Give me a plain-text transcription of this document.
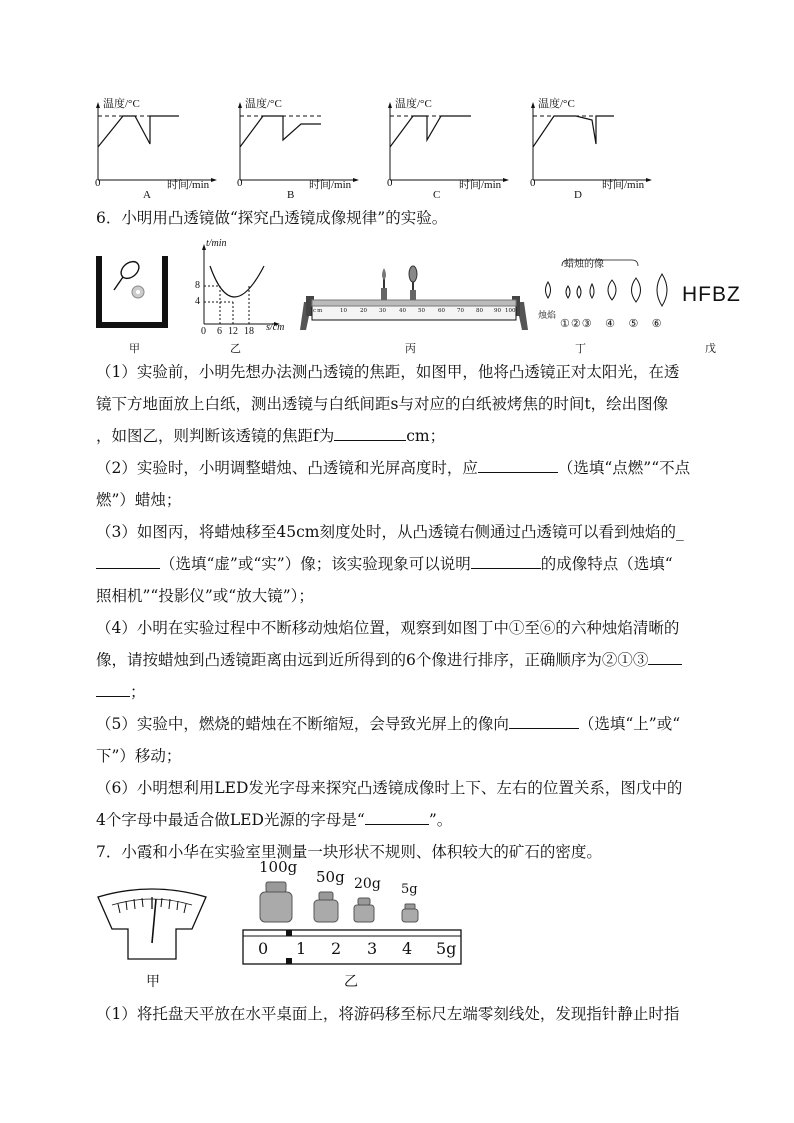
温度/°C
时间/min
0
A
温度/°C
时间/min
0
B
温度/°C
时间/min
0
C
温度/°C
时间/min
0
D
6．小明用凸透镜做“探究凸透镜成像规律”的实验。
甲
t/min
s/cm
8
4
0 6 12 18
乙
cm	10 20 30 40 50 60 70 80 90 100
丙
蜡烛的像
烛焰
①②③ ④ ⑤ ⑥
丁
HFBZ
戊
（1）实验前，小明先想办法测凸透镜的焦距，如图甲，他将凸透镜正对太阳光，在透
镜下方地面放上白纸，测出透镜与白纸间距s与对应的白纸被烤焦的时间t，绘出图像
，如图乙，则判断该透镜的焦距f为	cm；
（2）实验时，小明调整蜡烛、凸透镜和光屏高度时，应	（选填“点燃”“不点
燃”）蜡烛；
（3）如图丙，将蜡烛移至45cm刻度处时，从凸透镜右侧通过凸透镜可以看到烛焰的_
（选填“虚”或“实”）像；该实验现象可以说明	的成像特点（选填“
照相机”“投影仪”或“放大镜”）；
（4）小明在实验过程中不断移动烛焰位置，观察到如图丁中①至⑥的六种烛焰清晰的
像，请按蜡烛到凸透镜距离由远到近所得到的6个像进行排序，正确顺序为②①③
；
（5）实验中，燃烧的蜡烛在不断缩短，会导致光屏上的像向	（选填“上”或“
下”）移动；
（6）小明想利用LED发光字母来探究凸透镜成像时上下、左右的位置关系，图戊中的
4个字母中最适合做LED光源的字母是“	”。
7．小霞和小华在实验室里测量一块形状不规则、体积较大的矿石的密度。
甲
100g
50g 20g 5g
0 1 2 3 4 5g
乙
（1）将托盘天平放在水平桌面上，将游码移至标尺左端零刻线处，发现指针静止时指
